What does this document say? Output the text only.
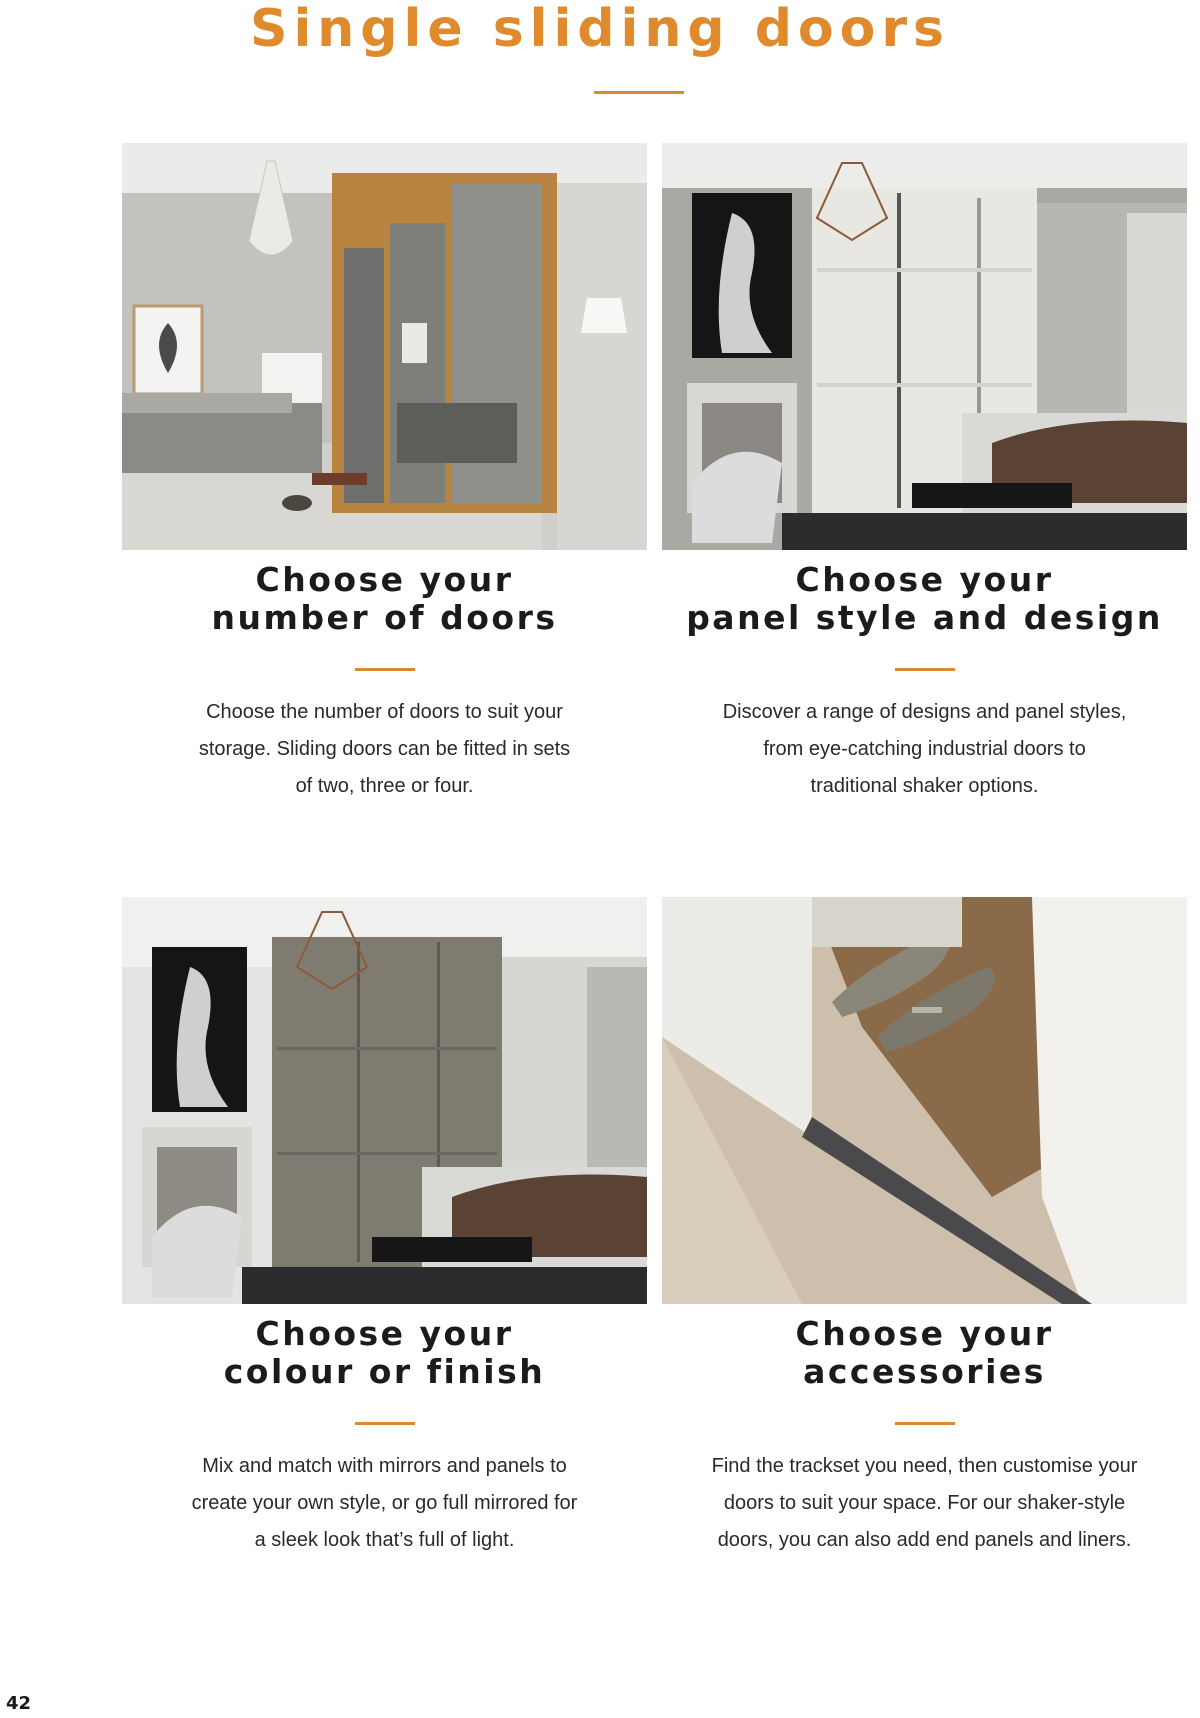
Single sliding doors
Choose your
number of doors

Choose the number of doors to suit your
storage. Sliding doors can be fitted in sets
of two, three or four.

Choose your
panel style and design

Discover a range of designs and panel styles,
from eye-catching industrial doors to
traditional shaker options.

Choose your
colour or finish

Mix and match with mirrors and panels to
create your own style, or go full mirrored for
a sleek look that’s full of light.

Choose your
accessories

Find the trackset you need, then customise your
doors to suit your space. For our shaker-style
doors, you can also add end panels and liners.

42
